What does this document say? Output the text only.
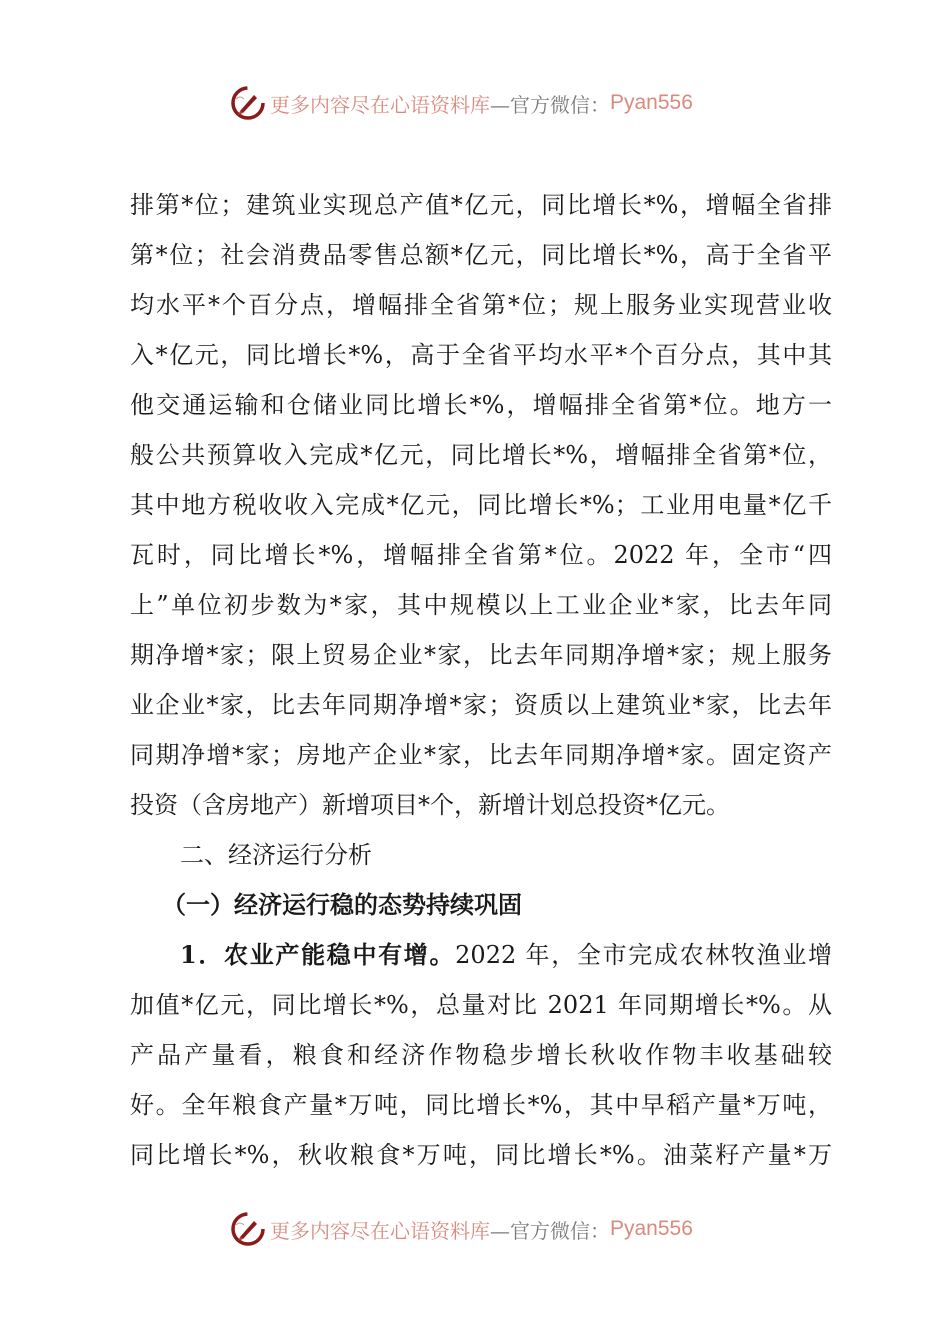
更多内容尽在心语资料库 —官方微信： Pyan556
排第*位；建筑业实现总产值*亿元，同比增长*%，增幅全省排
第*位；社会消费品零售总额*亿元，同比增长*%，高于全省平
均水平*个百分点，增幅排全省第*位；规上服务业实现营业收
入*亿元，同比增长*%，高于全省平均水平*个百分点，其中其
他交通运输和仓储业同比增长*%，增幅排全省第*位。地方一
般公共预算收入完成*亿元，同比增长*%，增幅排全省第*位，
其中地方税收收入完成*亿元，同比增长*%；工业用电量*亿千
瓦时，同比增长*%，增幅排全省第*位。2022 年，全市“四
上”单位初步数为*家，其中规模以上工业企业*家，比去年同
期净增*家；限上贸易企业*家，比去年同期净增*家；规上服务
业企业*家，比去年同期净增*家；资质以上建筑业*家，比去年
同期净增*家；房地产企业*家，比去年同期净增*家。固定资产
投资（含房地产）新增项目*个，新增计划总投资*亿元。
二、经济运行分析
（一）经济运行稳的态势持续巩固
1．农业产能稳中有增。2022 年，全市完成农林牧渔业增
加值*亿元，同比增长*%，总量对比 2021 年同期增长*%。从
产品产量看，粮食和经济作物稳步增长秋收作物丰收基础较
好。全年粮食产量*万吨，同比增长*%，其中早稻产量*万吨，
同比增长*%，秋收粮食*万吨，同比增长*%。油菜籽产量*万
更多内容尽在心语资料库 —官方微信： Pyan556
